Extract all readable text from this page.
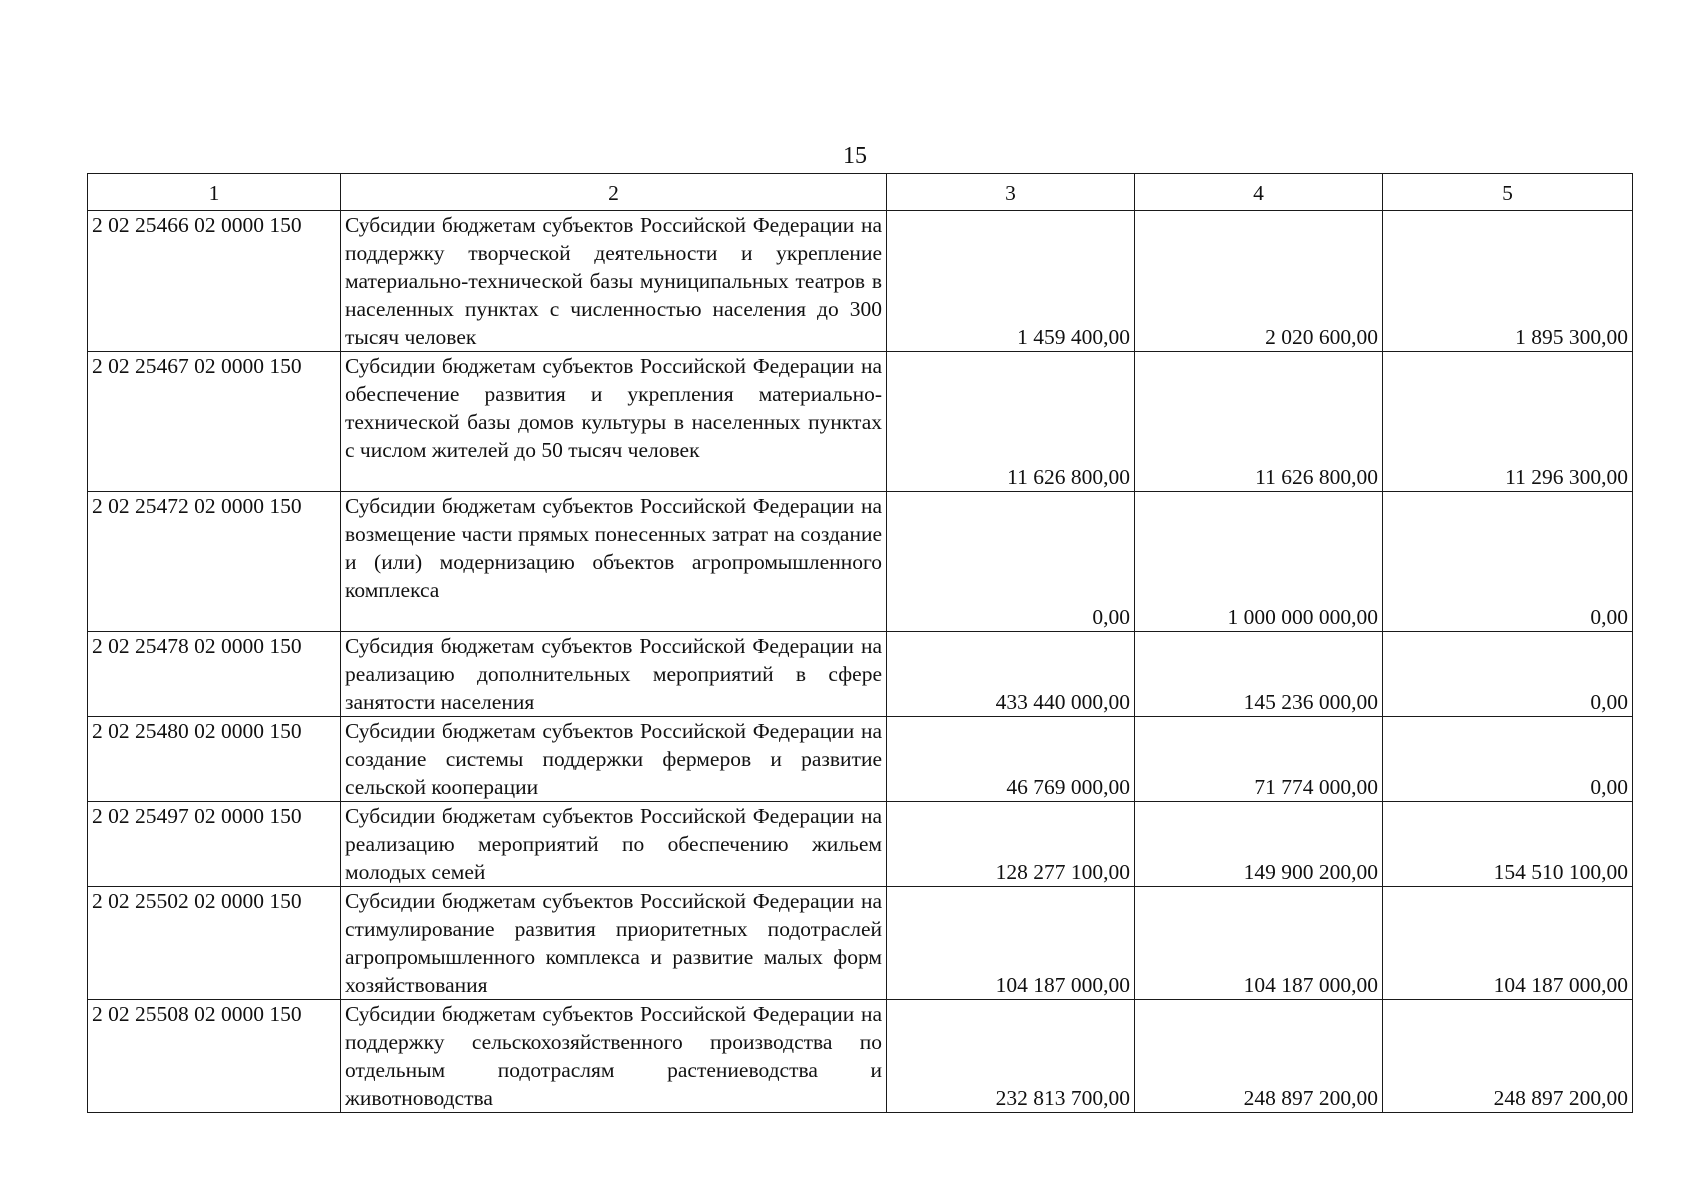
15
1	2	3	4	5
2 02 25466 02 0000 150	Субсидии бюджетам субъектов Российской Федерации на поддержку творческой деятельности и укрепление материально-технической базы муниципальных театров в населенных пунктах с численностью населения до 300 тысяч человек	1 459 400,00	2 020 600,00	1 895 300,00
2 02 25467 02 0000 150	Субсидии бюджетам субъектов Российской Федерации на обеспечение развития и укрепления материально-технической базы домов культуры в населенных пунктах с числом жителей до 50 тысяч человек	11 626 800,00	11 626 800,00	11 296 300,00
2 02 25472 02 0000 150	Субсидии бюджетам субъектов Российской Федерации на возмещение части прямых понесенных затрат на создание и (или) модернизацию объектов агропромышленного комплекса	0,00	1 000 000 000,00	0,00
2 02 25478 02 0000 150	Субсидия бюджетам субъектов Российской Федерации на реализацию дополнительных мероприятий в сфере занятости населения	433 440 000,00	145 236 000,00	0,00
2 02 25480 02 0000 150	Субсидии бюджетам субъектов Российской Федерации на создание системы поддержки фермеров и развитие сельской кооперации	46 769 000,00	71 774 000,00	0,00
2 02 25497 02 0000 150	Субсидии бюджетам субъектов Российской Федерации на реализацию мероприятий по обеспечению жильем молодых семей	128 277 100,00	149 900 200,00	154 510 100,00
2 02 25502 02 0000 150	Субсидии бюджетам субъектов Российской Федерации на стимулирование развития приоритетных подотраслей агропромышленного комплекса и развитие малых форм хозяйствования	104 187 000,00	104 187 000,00	104 187 000,00
2 02 25508 02 0000 150	Субсидии бюджетам субъектов Российской Федерации на поддержку сельскохозяйственного производства по отдельным подотраслям растениеводства и животноводства	232 813 700,00	248 897 200,00	248 897 200,00
